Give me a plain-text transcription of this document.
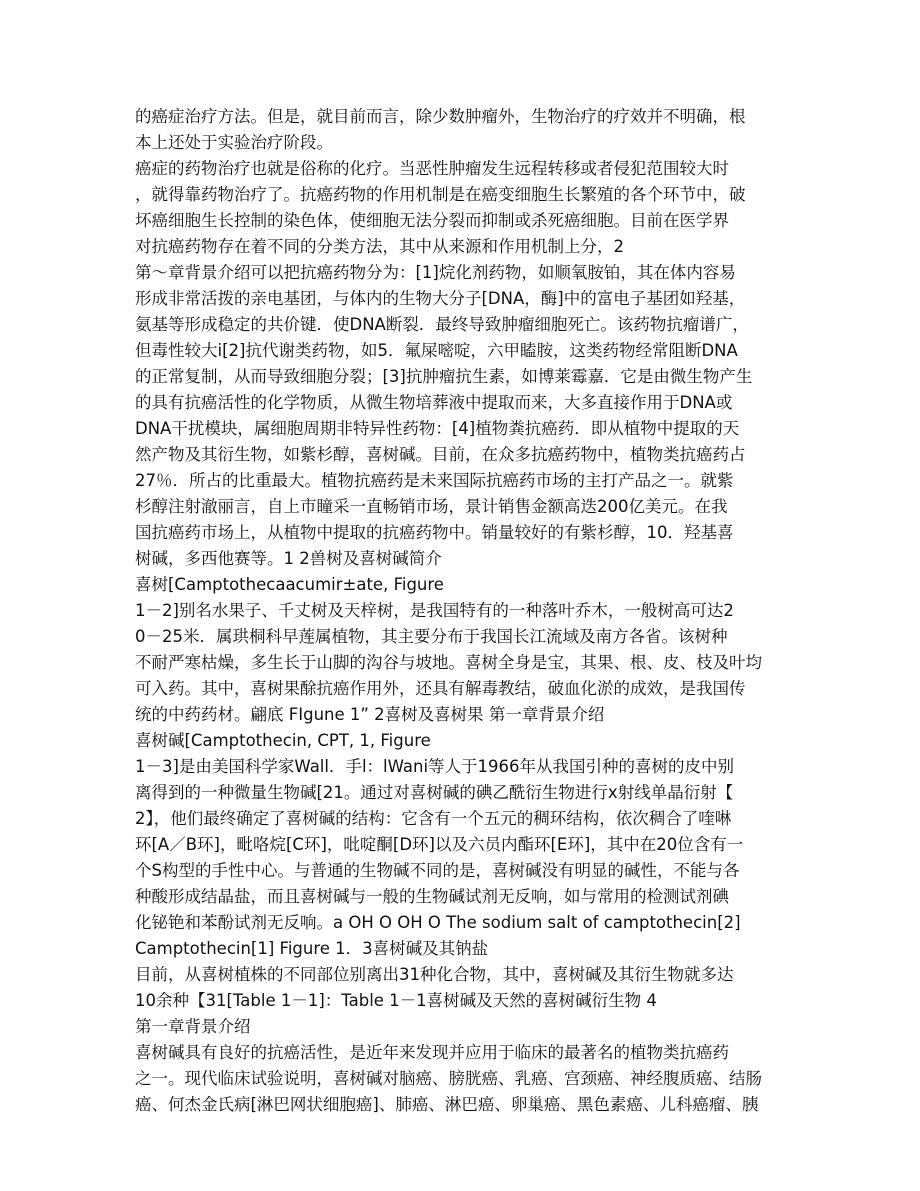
的癌症治疗方法。但是，就目前而言，除少数肿瘤外，生物治疗的疗效并不明确，根
本上还处于实验治疗阶段。
癌症的药物治疗也就是俗称的化疗。当恶性肿瘤发生远程转移或者侵犯范围较大时
，就得靠药物治疗了。抗癌药物的作用机制是在癌变细胞生长繁殖的各个环节中，破
坏癌细胞生长控制的染色体，使细胞无法分裂而抑制或杀死癌细胞。目前在医学界
对抗癌药物存在着不同的分类方法，其中从来源和作用机制上分，2
第～章背景介绍可以把抗癌药物分为：[1]烷化剂药物，如顺氧胺铂，其在体内容易
形成非常活拨的亲电基团，与体内的生物大分子[DNA，酶]中的富电子基团如羟基，
氨基等形成稳定的共价键．使DNA断裂．最终导致肿瘤细胞死亡。该药物抗瘤谱广，
但毒性较大i[2]抗代谢类药物，如5．氟屎嘧啶，六甲瞌胺，这类药物经常阻断DNA
的正常复制，从而导致细胞分裂；[3]抗肿瘤抗生素，如博莱霉嘉．它是由微生物产生
的具有抗癌活性的化学物质，从微生物培葬液中提取而来，大多直接作用于DNA或
DNA干扰模块，属细胞周期非特异性药物：[4]植物粪抗癌药．即从植物中提取的天
然产物及其衍生物，如紫杉醇，喜树碱。目前，在众多抗癌药物中，植物类抗癌药占
27％．所占的比重最大。植物抗癌药是未来国际抗癌药市场的主打产品之一。就紫
杉醇注射澈丽言，自上市瞳采一直畅销市场，景计销售金额高迭200亿美元。在我
国抗癌药市场上，从植物中提取的抗癌药物中。销量较好的有紫杉醇，10．羟基喜
树碱，多西他赛等。1 2兽树及喜树碱简介
喜树[Camptothecaacumir±ate, Figure
1－2]别名水果子、千丈树及天梓树，是我国特有的一种落叶乔木，一般树高可达2
0－25米．属珙桐科早莲属植物，其主要分布于我国长江流域及南方各省。该树种
不耐严寒枯燥，多生长于山脚的沟谷与坡地。喜树全身是宝，其果、根、皮、枝及叶均
可入药。其中，喜树果酴抗癌作用外，还具有解毒教结，破血化淤的成效，是我国传
统的中药药材。翩底 FIgune 1” 2喜树及喜树果 第一章背景介绍
喜树碱[Camptothecin, CPT, 1, Figure
1－3]是由美国科学家Wall．手l：lWani等人于1966年从我国引种的喜树的皮中别
离得到的一种微量生物碱[21。通过对喜树碱的碘乙酰衍生物进行x射线单晶衍射【
2】，他们最终确定了喜树碱的结构：它含有一个五元的稠环结构，依次稠合了喹啉
环[A／B环]，毗咯烷[C环]，吡啶酮[D环]以及六员内酯环[E环]，其中在20位含有一
个S构型的手性中心。与普通的生物碱不同的是，喜树碱没有明显的碱性，不能与各
种酸形成结晶盐，而且喜树碱与一般的生物碱试剂无反响，如与常用的检测试剂碘
化铋铯和苯酚试剂无反响。a OH O OH O The sodium salt of camptothecin[2]
Camptothecin[1] Figure 1．3喜树碱及其钠盐
目前，从喜树植株的不同部位别离出31种化合物，其中，喜树碱及其衍生物就多达
10余种【31[Table 1－1]：Table 1－1喜树碱及天然的喜树碱衍生物 4
第一章背景介绍
喜树碱具有良好的抗癌活性，是近年来发现并应用于临床的最著名的植物类抗癌药
之一。现代临床试验说明，喜树碱对脑癌、膀胱癌、乳癌、宫颈癌、神经腹质癌、结肠
癌、何杰金氏病[淋巴网状细胞癌]、肺癌、淋巴癌、卵巢癌、黑色素癌、儿科癌瘤、胰
